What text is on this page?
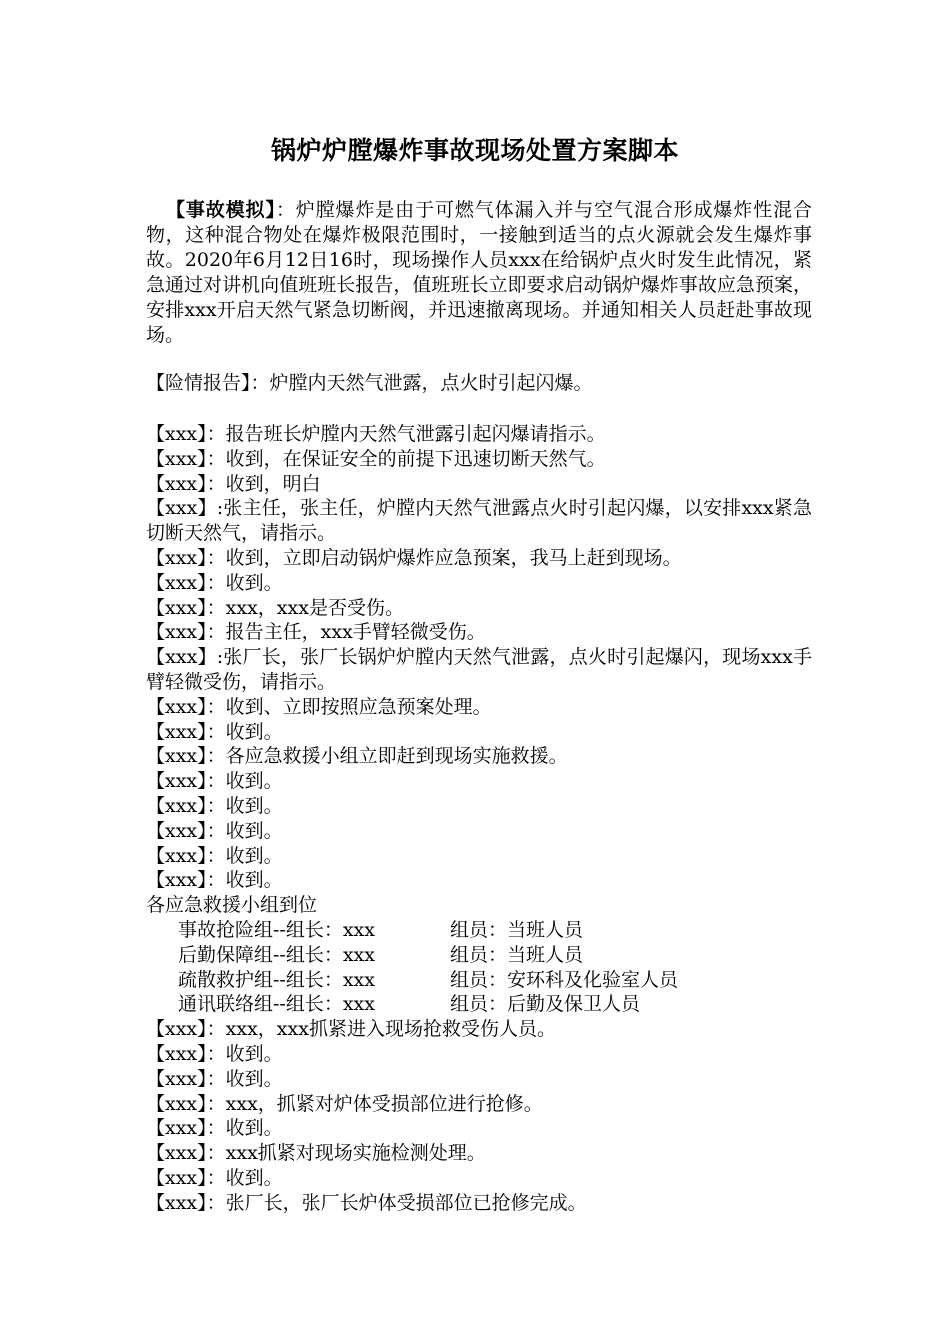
锅炉炉膛爆炸事故现场处置方案脚本

【事故模拟】：炉膛爆炸是由于可燃气体漏入并与空气混合形成爆炸性混合物，这种混合物处在爆炸极限范围时，一接触到适当的点火源就会发生爆炸事故。2020年6月12日16时，现场操作人员xxx在给锅炉点火时发生此情况，紧急通过对讲机向值班班长报告，值班班长立即要求启动锅炉爆炸事故应急预案，安排xxx开启天然气紧急切断阀，并迅速撤离现场。并通知相关人员赶赴事故现场。

【险情报告】：炉膛内天然气泄露，点火时引起闪爆。

【xxx】：报告班长炉膛内天然气泄露引起闪爆请指示。
【xxx】：收到，在保证安全的前提下迅速切断天然气。
【xxx】：收到，明白
【xxx】:张主任，张主任，炉膛内天然气泄露点火时引起闪爆，以安排xxx紧急切断天然气，请指示。
【xxx】：收到，立即启动锅炉爆炸应急预案，我马上赶到现场。
【xxx】：收到。
【xxx】：xxx，xxx是否受伤。
【xxx】：报告主任，xxx手臂轻微受伤。
【xxx】:张厂长，张厂长锅炉炉膛内天然气泄露，点火时引起爆闪，现场xxx手臂轻微受伤，请指示。
【xxx】：收到、立即按照应急预案处理。
【xxx】：收到。
【xxx】：各应急救援小组立即赶到现场实施救援。
【xxx】：收到。
【xxx】：收到。
【xxx】：收到。
【xxx】：收到。
【xxx】：收到。
各应急救援小组到位
事故抢险组--组长：xxx	组员：当班人员
后勤保障组--组长：xxx	组员：当班人员
疏散救护组--组长：xxx	组员：安环科及化验室人员
通讯联络组--组长：xxx	组员：后勤及保卫人员
【xxx】：xxx，xxx抓紧进入现场抢救受伤人员。
【xxx】：收到。
【xxx】：收到。
【xxx】：xxx，抓紧对炉体受损部位进行抢修。
【xxx】：收到。
【xxx】：xxx抓紧对现场实施检测处理。
【xxx】：收到。
【xxx】：张厂长，张厂长炉体受损部位已抢修完成。
